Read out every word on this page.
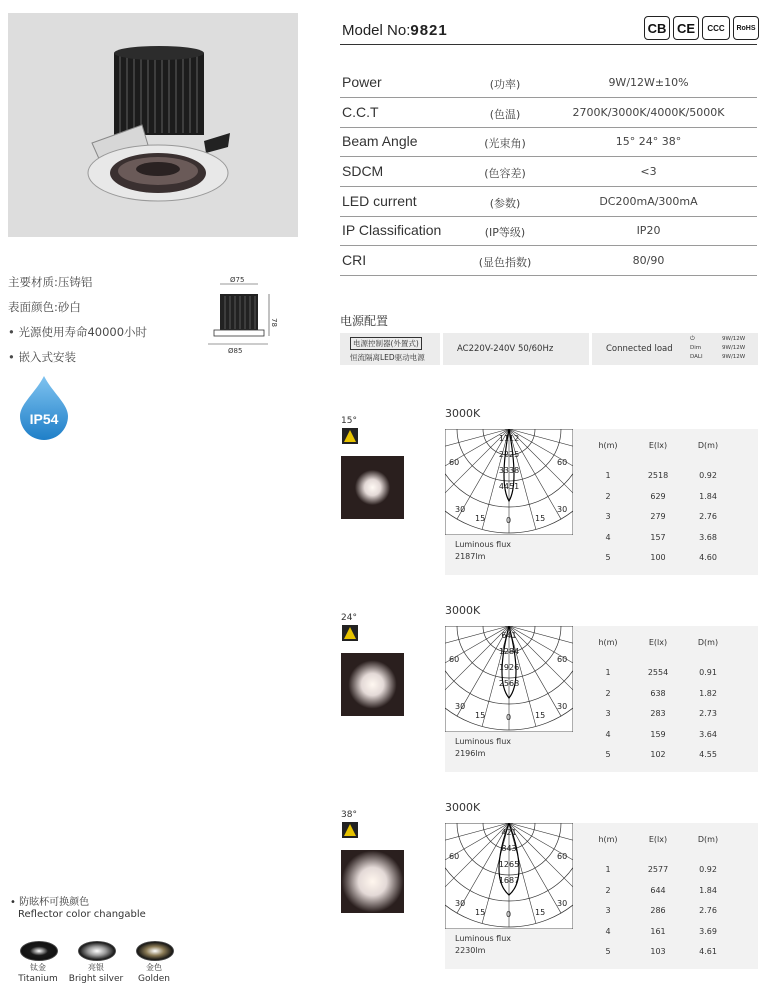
主要材质:压铸铝
表面颜色:砂白
• 光源使用寿命40000小时
• 嵌入式安装
Ø75
78
Ø85
IP54
Model No:9821	CB CE	CCC	RoHS
Power	(功率)	9W/12W±10%
C.C.T	(色温)	2700K/3000K/4000K/5000K
Beam Angle	(光束角)	15° 24° 38°
SDCM	(色容差)	<3
LED current	(参数)	DC200mA/300mA
IP Classification	(IP等级)	IP20
CRI	(显色指数)	80/90
电源配置
电源控制器(外置式)
恒流隔离LED驱动电源
AC220V-240V 50/60Hz	Connected load
⏻	9W/12W
Dim	9W/12W
DALI	9W/12W
15°
3000K
1112
2225
3338
4451
60	60
30	30
15	15
0
Luminous flux
2187lm
h(m)	E(lx)	D(m)
1	2518	0.92
2	629	1.84
3	279	2.76
4	157	3.68
5	100	4.60
24°
3000K
641
1284
1926
2568
60	60
30	30
15	15
0
Luminous flux
2196lm
h(m)	E(lx)	D(m)
1	2554	0.91
2	638	1.82
3	283	2.73
4	159	3.64
5	102	4.55
38°
3000K
421
843
1265
1687
60	60
30	30
15	15
0
Luminous flux
2230lm
h(m)	E(lx)	D(m)
1	2577	0.92
2	644	1.84
3	286	2.76
4	161	3.69
5	103	4.61
• 防眩杯可换颜色
Reflector color changable
钛金
Titanium
亮银
Bright silver
金色
Golden
